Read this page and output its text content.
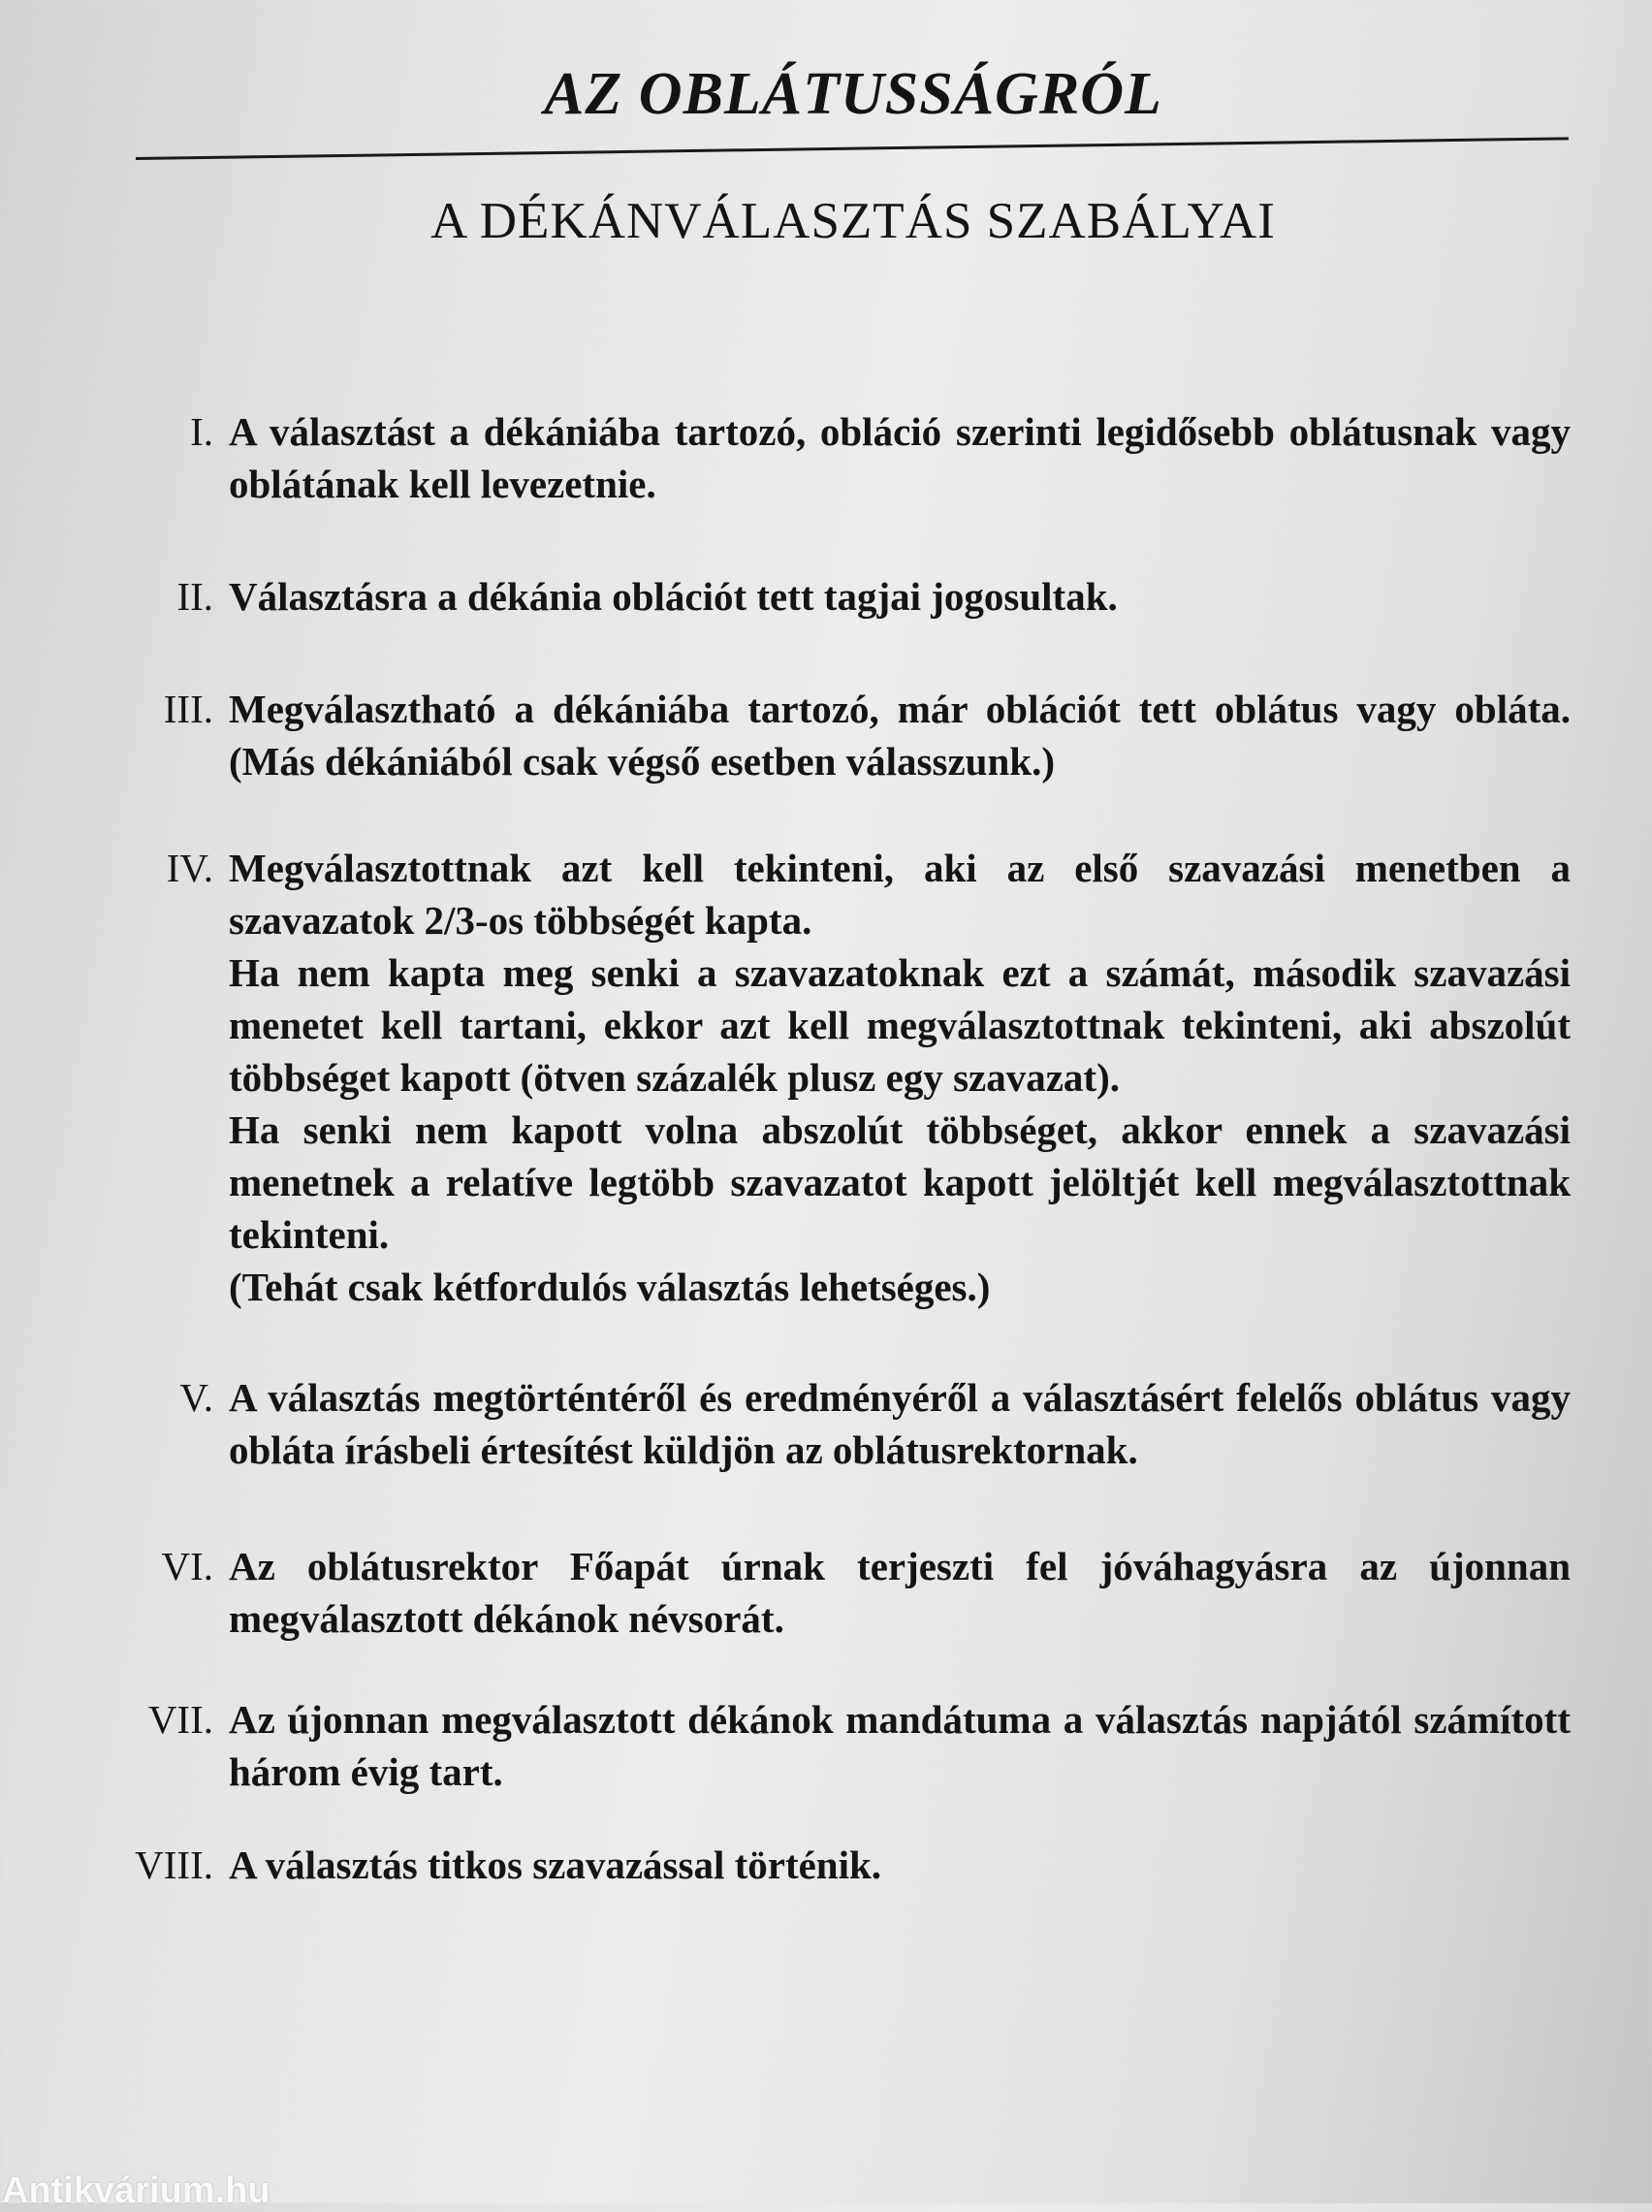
AZ OBLÁTUSSÁGRÓL
A DÉKÁNVÁLASZTÁS SZABÁLYAI
I. A választást a dékániába tartozó, obláció szerinti legidősebb oblátusnak vagy oblátának kell levezetnie.

II. Választásra a dékánia oblációt tett tagjai jogosultak.

III. Megválasztható a dékániába tartozó, már oblációt tett oblátus vagy obláta. (Más dékániából csak végső esetben válasszunk.)

IV. Megválasztottnak azt kell tekinteni, aki az első szavazási menetben a szavazatok 2/3-os többségét kapta.

Ha nem kapta meg senki a szavazatoknak ezt a számát, második szavazási menetet kell tartani, ekkor azt kell megválasztottnak tekinteni, aki abszolút többséget kapott (ötven százalék plusz egy szavazat).

Ha senki nem kapott volna abszolút többséget, akkor ennek a szavazási menetnek a relatíve legtöbb szavazatot kapott jelöltjét kell megválasztottnak tekinteni.

(Tehát csak kétfordulós választás lehetséges.)

V. A választás megtörténtéről és eredményéről a választásért felelős oblátus vagy obláta írásbeli értesítést küldjön az oblátusrektornak.

VI. Az oblátusrektor Főapát úrnak terjeszti fel jóváhagyásra az újonnan megválasztott dékánok névsorát.

VII. Az újonnan megválasztott dékánok mandátuma a választás napjától számított három évig tart.

VIII. A választás titkos szavazással történik.

Antikvárium.hu
